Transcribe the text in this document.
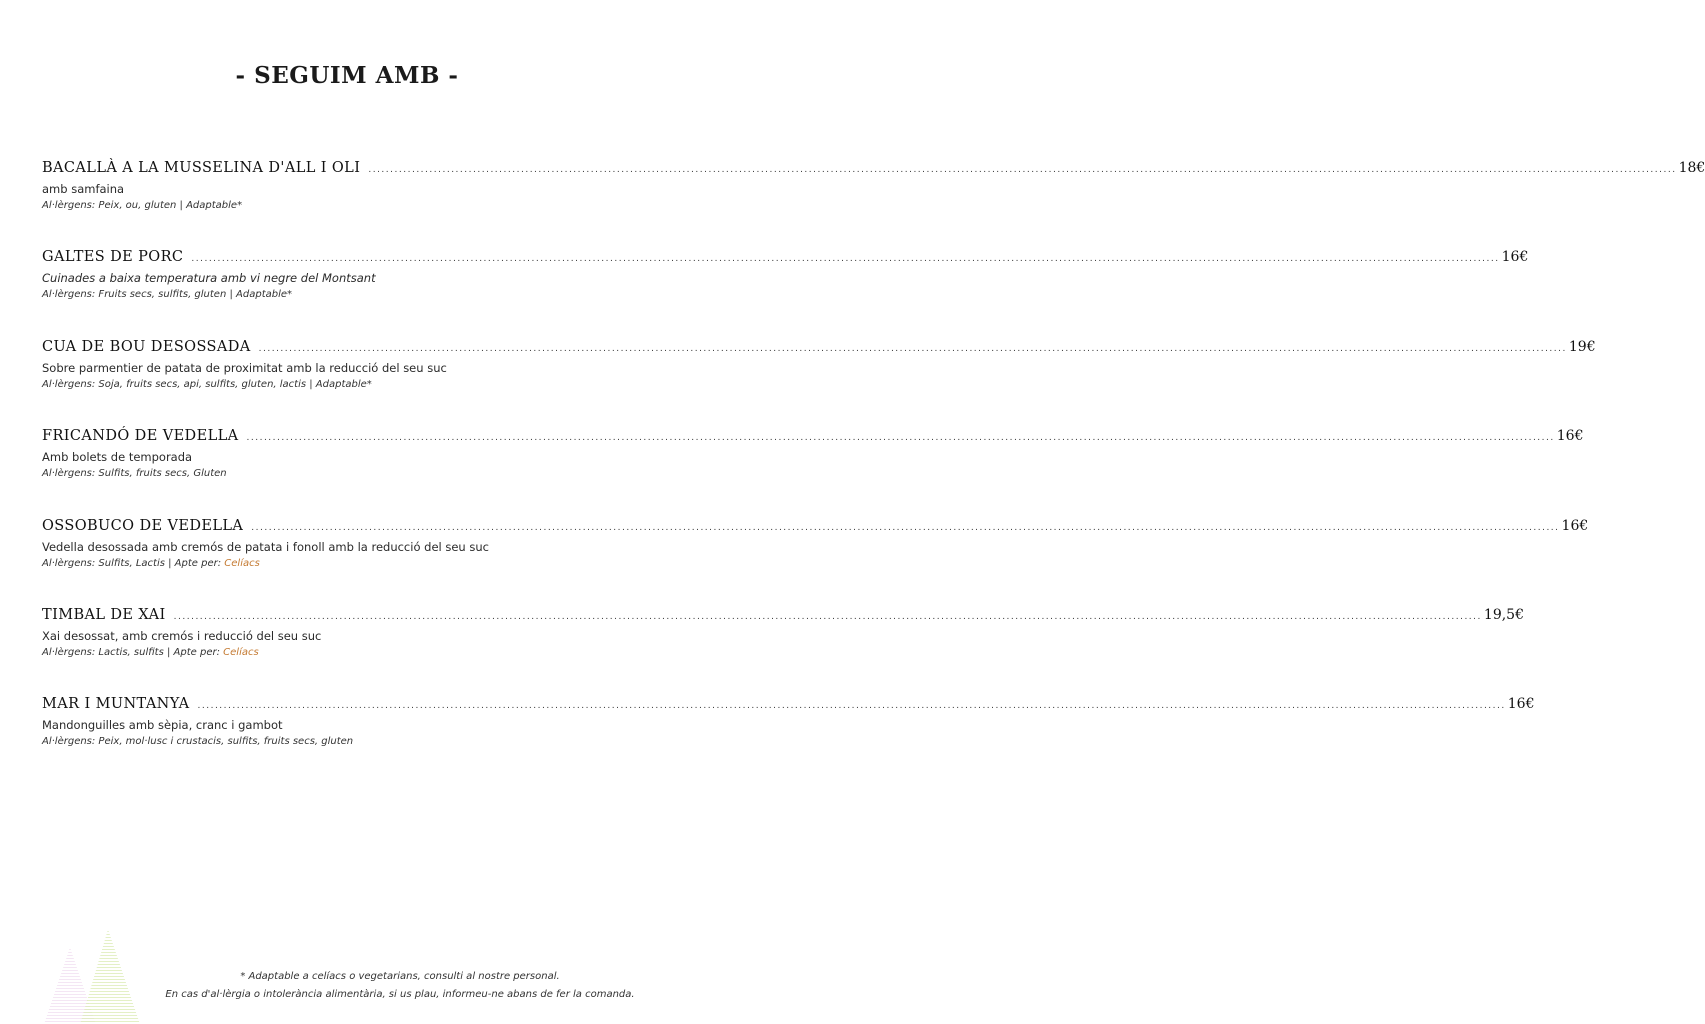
- SEGUIM AMB -
BACALLÀ A LA MUSSELINA D'ALL I OLI ............................................................................................................................................................................................................................................................................................................ 18€
amb samfaina
Al·lèrgens: Peix, ou, gluten | Adaptable*
GALTES DE PORC ............................................................................................................................................................................................................................................................................................................ 16€
Cuinades a baixa temperatura amb vi negre del Montsant
Al·lèrgens: Fruits secs, sulfits, gluten | Adaptable*
CUA DE BOU DESOSSADA ............................................................................................................................................................................................................................................................................................................ 19€
Sobre parmentier de patata de proximitat amb la reducció del seu suc
Al·lèrgens: Soja, fruits secs, api, sulfits, gluten, lactis | Adaptable*
FRICANDÓ DE VEDELLA ............................................................................................................................................................................................................................................................................................................ 16€
Amb bolets de temporada
Al·lèrgens: Sulfits, fruits secs, Gluten
OSSOBUCO DE VEDELLA ............................................................................................................................................................................................................................................................................................................ 16€
Vedella desossada amb cremós de patata i fonoll amb la reducció del seu suc
Al·lèrgens: Sulfits, Lactis | Apte per: Celíacs
TIMBAL DE XAI ............................................................................................................................................................................................................................................................................................................ 19,5€
Xai desossat, amb cremós i reducció del seu suc
Al·lèrgens: Lactis, sulfits | Apte per: Celíacs
MAR I MUNTANYA ............................................................................................................................................................................................................................................................................................................ 16€
Mandonguilles amb sèpia, cranc i gambot
Al·lèrgens: Peix, mol·lusc i crustacis, sulfits, fruits secs, gluten
* Adaptable a celíacs o vegetarians, consulti al nostre personal.
En cas d'al·lèrgia o intolerància alimentària, si us plau, informeu-ne abans de fer la comanda.
